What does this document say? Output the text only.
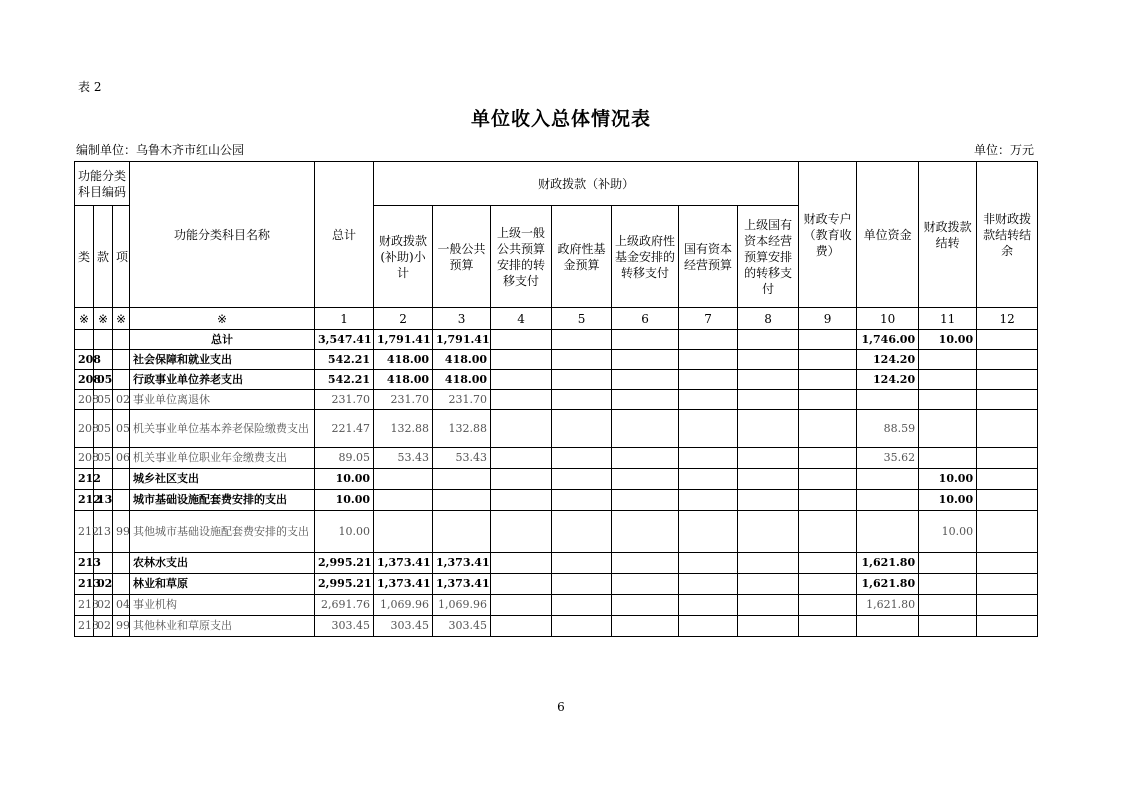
表 2
单位收入总体情况表
编制单位：乌鲁木齐市红山公园	单位：万元
功能分类科目编码			功能分类科目名称	总计	财政拨款（补助）							财政专户（教育收费）	单位资金	财政拨款结转	非财政拨款结转结余
类	款	项			财政拨款(补助)小计	一般公共预算	上级一般公共预算安排的转移支付	政府性基金预算	上级政府性基金安排的转移支付	国有资本经营预算	上级国有资本经营预算安排的转移支付				
※	※	※	※	1	2	3	4	5	6	7	8	9	10	11	12
			总计	3,547.41	1,791.41	1,791.41							1,746.00	10.00	
208			社会保障和就业支出	542.21	418.00	418.00							124.20		
208	05		行政事业单位养老支出	542.21	418.00	418.00							124.20		
208	05	02	事业单位离退休	231.70	231.70	231.70									
208	05	05	机关事业单位基本养老保险缴费支出	221.47	132.88	132.88							88.59		
208	05	06	机关事业单位职业年金缴费支出	89.05	53.43	53.43							35.62		
212			城乡社区支出	10.00										10.00	
212	13		城市基础设施配套费安排的支出	10.00										10.00	
212	13	99	其他城市基础设施配套费安排的支出	10.00										10.00	
213			农林水支出	2,995.21	1,373.41	1,373.41							1,621.80		
213	02		林业和草原	2,995.21	1,373.41	1,373.41							1,621.80		
213	02	04	事业机构	2,691.76	1,069.96	1,069.96							1,621.80		
213	02	99	其他林业和草原支出	303.45	303.45	303.45									
6
